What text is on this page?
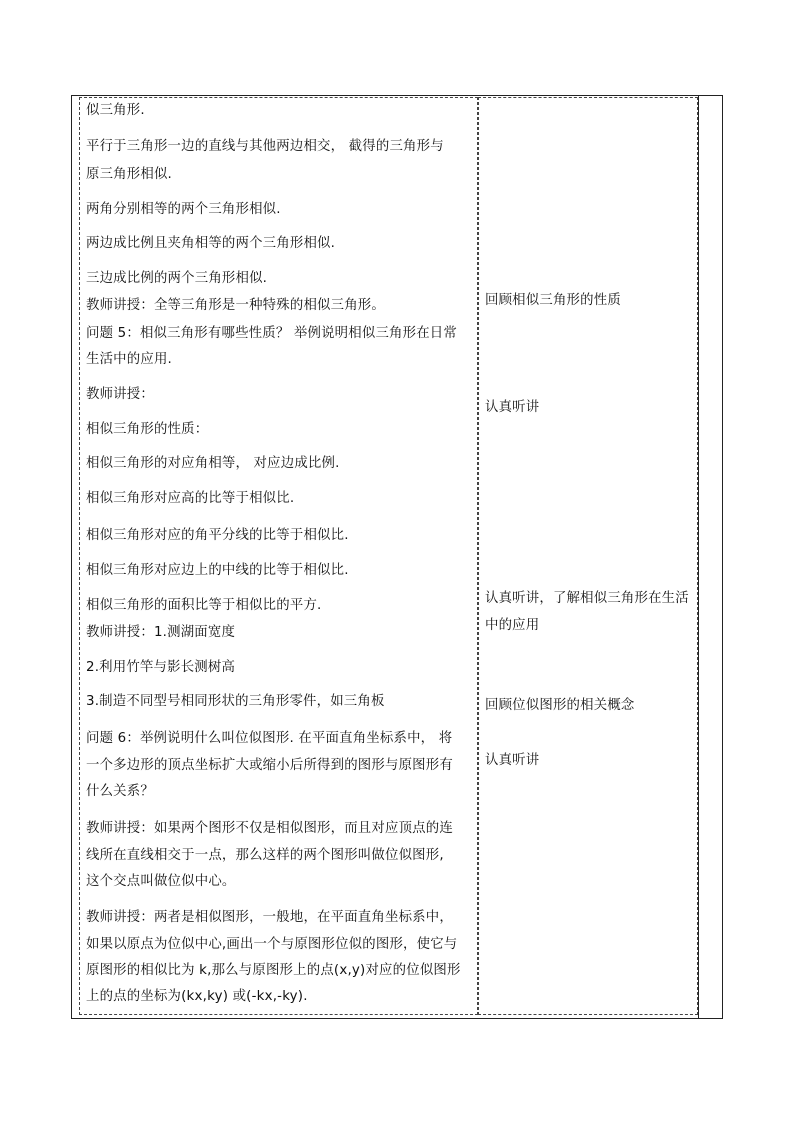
似三角形.
平行于三角形一边的直线与其他两边相交， 截得的三角形与
原三角形相似.
两角分别相等的两个三角形相似.
两边成比例且夹角相等的两个三角形相似.
三边成比例的两个三角形相似.
教师讲授：全等三角形是一种特殊的相似三角形。
问题 5：相似三角形有哪些性质？ 举例说明相似三角形在日常
生活中的应用.
教师讲授：
相似三角形的性质：
相似三角形的对应角相等， 对应边成比例.
相似三角形对应高的比等于相似比.
相似三角形对应的角平分线的比等于相似比.
相似三角形对应边上的中线的比等于相似比.
相似三角形的面积比等于相似比的平方.
教师讲授：1.测湖面宽度
2.利用竹竿与影长测树高
3.制造不同型号相同形状的三角形零件，如三角板
问题 6：举例说明什么叫位似图形. 在平面直角坐标系中， 将
一个多边形的顶点坐标扩大或缩小后所得到的图形与原图形有
什么关系？
教师讲授：如果两个图形不仅是相似图形，而且对应顶点的连
线所在直线相交于一点，那么这样的两个图形叫做位似图形,
这个交点叫做位似中心。
教师讲授：两者是相似图形，一般地，在平面直角坐标系中，
如果以原点为位似中心,画出一个与原图形位似的图形，使它与
原图形的相似比为 k,那么与原图形上的点(x,y)对应的位似图形
上的点的坐标为(kx,ky) 或(-kx,-ky).
回顾相似三角形的性质
认真听讲
认真听讲，了解相似三角形在生活
中的应用
回顾位似图形的相关概念
认真听讲
